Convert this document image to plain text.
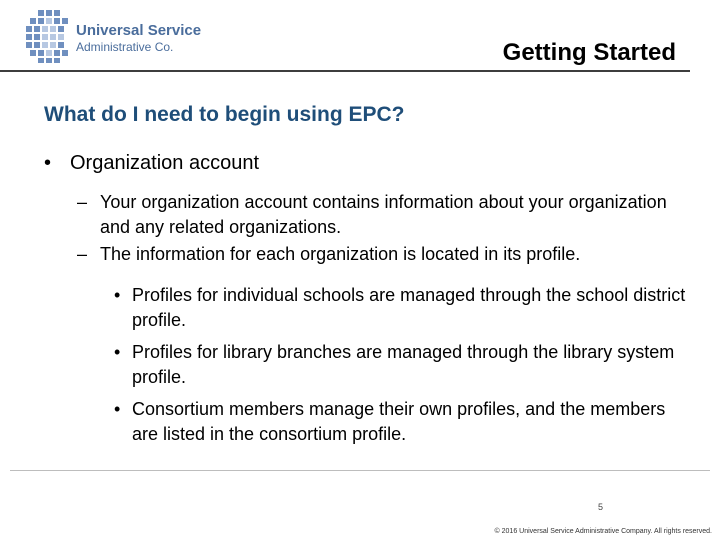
Universal Service
Administrative Co.	Getting Started
What do I need to begin using EPC?
• Organization account
– Your organization account contains information about your organization and any related organizations.
– The information for each organization is located in its profile.
• Profiles for individual schools are managed through the school district profile.
• Profiles for library branches are managed through the library system profile.
• Consortium members manage their own profiles, and the members are listed in the consortium profile.
5
© 2016 Universal Service Administrative Company. All rights reserved.
